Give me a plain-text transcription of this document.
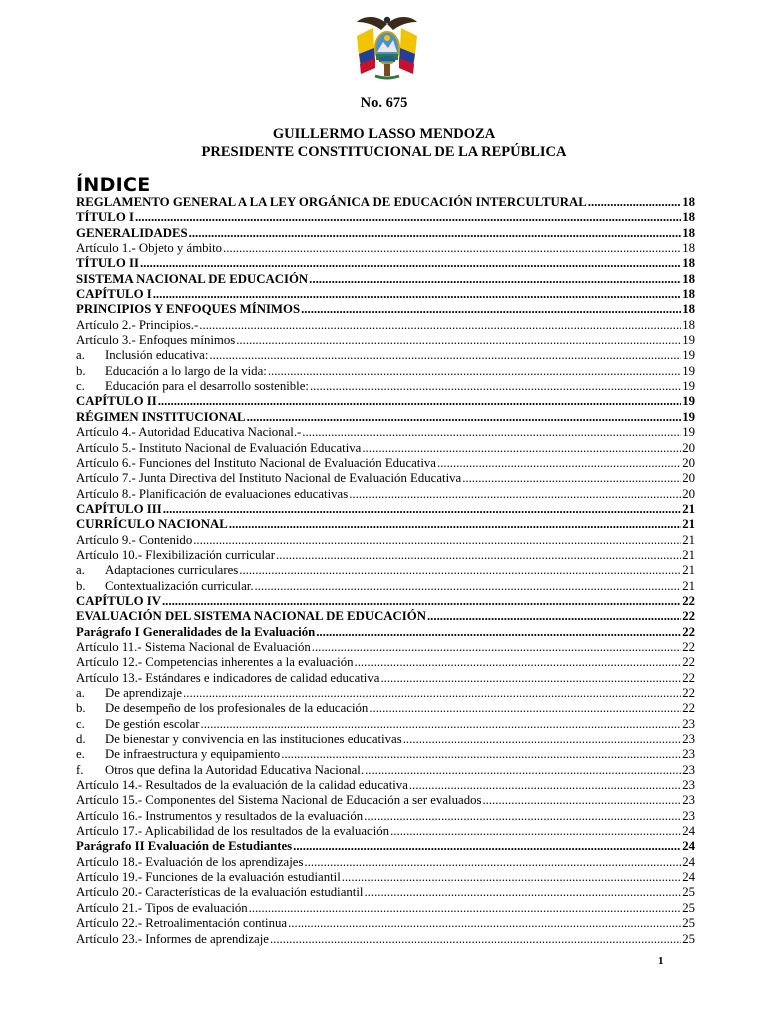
No. 675
GUILLERMO LASSO MENDOZA
PRESIDENTE CONSTITUCIONAL DE LA REPÚBLICA
ÍNDICE
REGLAMENTO GENERAL A LA LEY ORGÁNICA DE EDUCACIÓN INTERCULTURAL .....	18
TÍTULO I .....	18
GENERALIDADES .....	18
Artículo 1.- Objeto y ámbito .....	18
TÍTULO II .....	18
SISTEMA NACIONAL DE EDUCACIÓN .....	18
CAPÍTULO I .....	18
PRINCIPIOS Y ENFOQUES MÍNIMOS .....	18
Artículo 2.- Principios.- .....	18
Artículo 3.- Enfoques mínimos .....	19
a.	Inclusión educativa: .....	19
b.	Educación a lo largo de la vida: .....	19
c.	Educación para el desarrollo sostenible: .....	19
CAPÍTULO II .....	19
RÉGIMEN INSTITUCIONAL .....	19
Artículo 4.- Autoridad Educativa Nacional.- .....	19
Artículo 5.- Instituto Nacional de Evaluación Educativa .....	20
Artículo 6.- Funciones del Instituto Nacional de Evaluación Educativa .....	20
Artículo 7.- Junta Directiva del Instituto Nacional de Evaluación Educativa .....	20
Artículo 8.- Planificación de evaluaciones educativas .....	20
CAPÍTULO III .....	21
CURRÍCULO NACIONAL .....	21
Artículo 9.- Contenido .....	21
Artículo 10.- Flexibilización curricular .....	21
a.	Adaptaciones curriculares .....	21
b.	Contextualización curricular. .....	21
CAPÍTULO IV .....	22
EVALUACIÓN DEL SISTEMA NACIONAL DE EDUCACIÓN .....	22
Parágrafo I Generalidades de la Evaluación .....	22
Artículo 11.- Sistema Nacional de Evaluación .....	22
Artículo 12.- Competencias inherentes a la evaluación .....	22
Artículo 13.- Estándares e indicadores de calidad educativa .....	22
a.	De aprendizaje .....	22
b.	De desempeño de los profesionales de la educación .....	22
c.	De gestión escolar .....	23
d.	De bienestar y convivencia en las instituciones educativas .....	23
e.	De infraestructura y equipamiento .....	23
f.	Otros que defina la Autoridad Educativa Nacional. .....	23
Artículo 14.- Resultados de la evaluación de la calidad educativa .....	23
Artículo 15.- Componentes del Sistema Nacional de Educación a ser evaluados .....	23
Artículo 16.- Instrumentos y resultados de la evaluación .....	23
Artículo 17.- Aplicabilidad de los resultados de la evaluación .....	24
Parágrafo II Evaluación de Estudiantes .....	24
Artículo 18.- Evaluación de los aprendizajes .....	24
Artículo 19.- Funciones de la evaluación estudiantil .....	24
Artículo 20.- Características de la evaluación estudiantil .....	25
Artículo 21.- Tipos de evaluación .....	25
Artículo 22.- Retroalimentación continua .....	25
Artículo 23.- Informes de aprendizaje .....	25
1
